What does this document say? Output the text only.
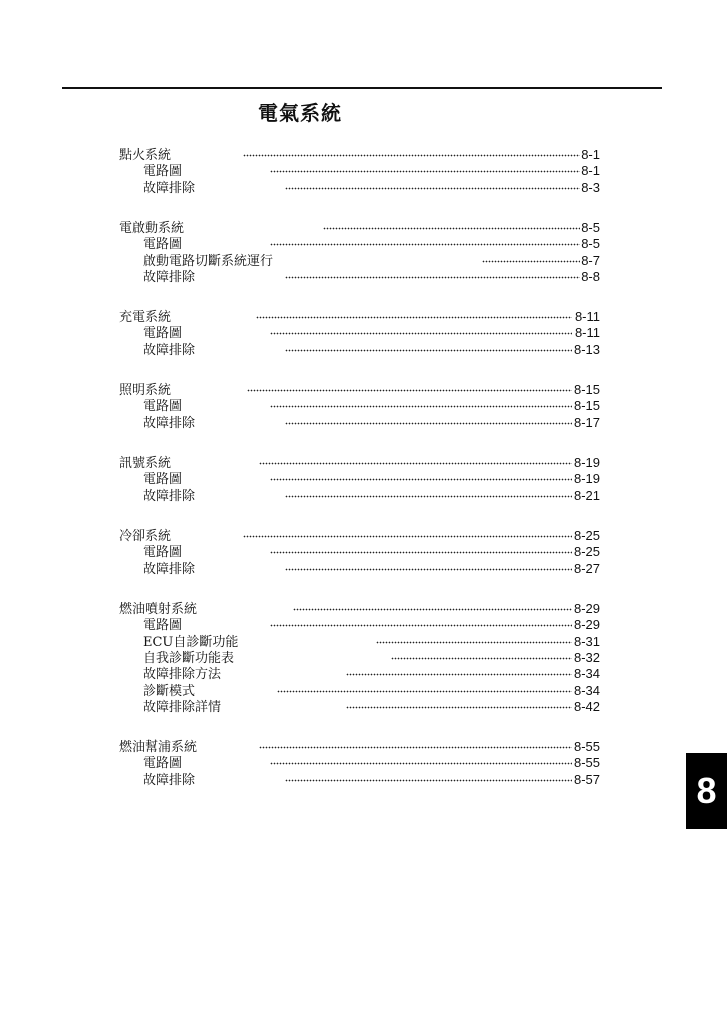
電氣系統
點火系統	8-1
電路圖	8-1
故障排除	8-3
電啟動系統	8-5
電路圖	8-5
啟動電路切斷系統運行	8-7
故障排除	8-8
充電系統	8-11
電路圖	8-11
故障排除	8-13
照明系統	8-15
電路圖	8-15
故障排除	8-17
訊號系統	8-19
電路圖	8-19
故障排除	8-21
冷卻系統	8-25
電路圖	8-25
故障排除	8-27
燃油噴射系統	8-29
電路圖	8-29
ECU自診斷功能	8-31
自我診斷功能表	8-32
故障排除方法	8-34
診斷模式	8-34
故障排除詳情	8-42
燃油幫浦系統	8-55
電路圖	8-55
故障排除	8-57	8
